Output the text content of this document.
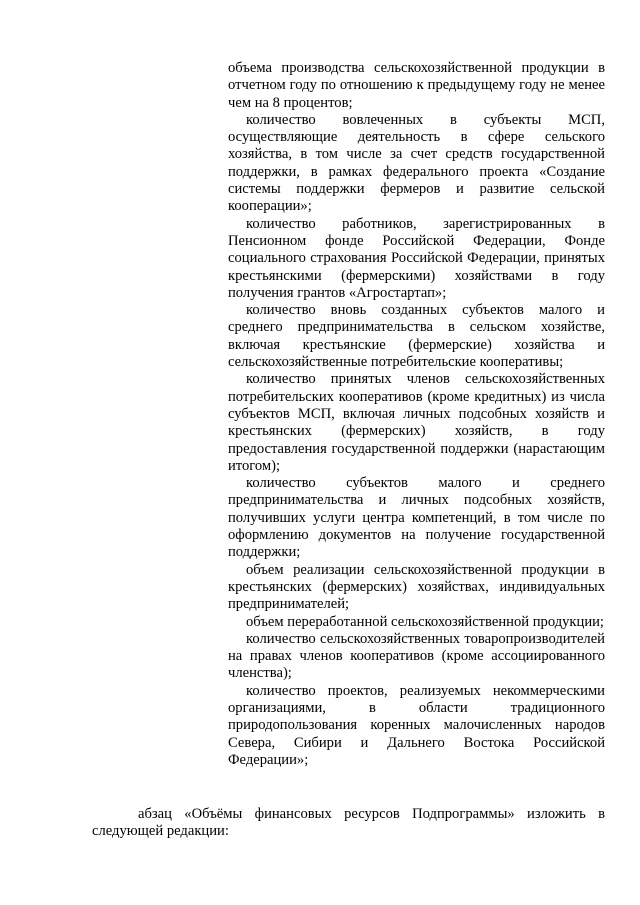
объема производства сельскохозяйственной продукции в отчетном году по отношению к предыдущему году не менее чем на 8 процентов;

количество вовлеченных в субъекты МСП, осуществляющие деятельность в сфере сельского хозяйства, в том числе за счет средств государственной поддержки, в рамках федерального проекта «Создание системы поддержки фермеров и развитие сельской кооперации»;

количество работников, зарегистрированных в Пенсионном фонде Российской Федерации, Фонде социального страхования Российской Федерации, принятых крестьянскими (фермерскими) хозяйствами в году получения грантов «Агростартап»;

количество вновь созданных субъектов малого и среднего предпринимательства в сельском хозяйстве, включая крестьянские (фермерские) хозяйства и сельскохозяйственные потребительские кооперативы;

количество принятых членов сельскохозяйственных потребительских кооперативов (кроме кредитных) из числа субъектов МСП, включая личных подсобных хозяйств и крестьянских (фермерских) хозяйств, в году предоставления государственной поддержки (нарастающим итогом);

количество субъектов малого и среднего предпринимательства и личных подсобных хозяйств, получивших услуги центра компетенций, в том числе по оформлению документов на получение государственной поддержки;

объем реализации сельскохозяйственной продукции в крестьянских (фермерских) хозяйствах, индивидуальных предпринимателей;

объем переработанной сельскохозяйственной продукции;

количество сельскохозяйственных товаропроизводителей на правах членов кооперативов (кроме ассоциированного членства);

количество проектов, реализуемых некоммерческими организациями, в области традиционного природопользования коренных малочисленных народов Севера, Сибири и Дальнего Востока Российской Федерации»;

абзац «Объёмы финансовых ресурсов Подпрограммы» изложить в следующей редакции:
